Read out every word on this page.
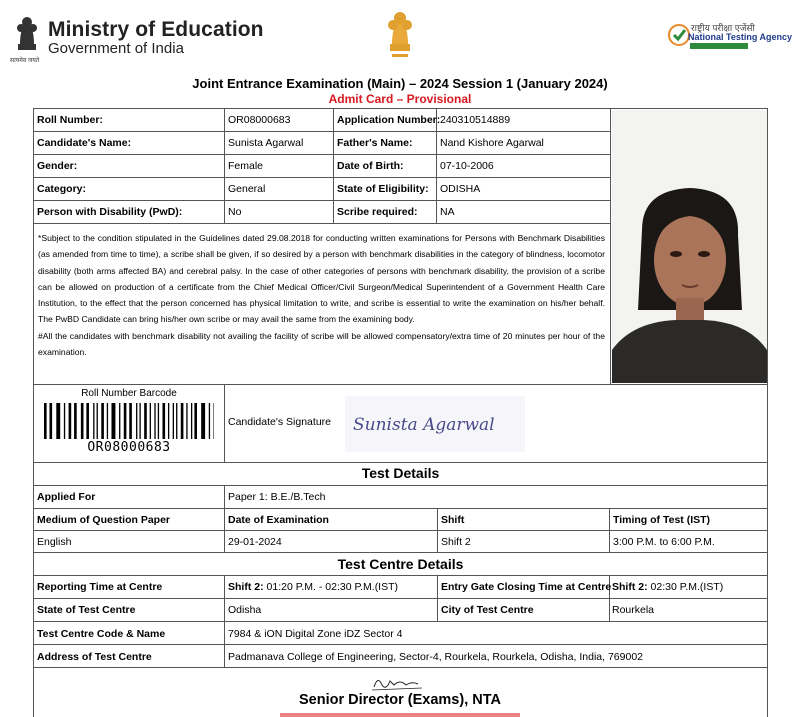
Ministry of Education
Government of India
सत्यमेव जयते
राष्ट्रीय परीक्षा एजेंसी
National Testing Agency
Joint Entrance Examination (Main) – 2024 Session 1 (January 2024)
Admit Card – Provisional
Roll Number:	OR08000683	Application Number: 240310514889
Candidate's Name:	Sunista Agarwal	Father's Name:	Nand Kishore Agarwal
Gender:	Female	Date of Birth:	07-10-2006
Category:	General	State of Eligibility: ODISHA
Person with Disability (PwD):	No	Scribe required: NA

*Subject to the condition stipulated in the Guidelines dated 29.08.2018 for conducting written examinations for Persons with Benchmark Disabilities (as amended from time to time), a scribe shall be given, if so desired by a person with benchmark disabilities in the category of blindness, locomotor disability (both arms affected BA) and cerebral palsy. In the case of other categories of persons with benchmark disability, the provision of a scribe can be allowed on production of a certificate from the Chief Medical Officer/Civil Surgeon/Medical Superintendent of a Government Health Care Institution, to the effect that the person concerned has physical limitation to write, and scribe is essential to write the examination on his/her behalf. The PwBD Candidate can bring his/her own scribe or may avail the same from the examining body.

#All the candidates with benchmark disability not availing the facility of scribe will be allowed compensatory/extra time of 20 minutes per hour of the examination.

Roll Number Barcode
OR08000683
Candidate's Signature Sunista Agarwal
Test Details
Applied For	Paper 1: B.E./B.Tech
Medium of Question Paper	Date of Examination	Shift	Timing of Test (IST)
English	29-01-2024	Shift 2	3:00 P.M. to 6:00 P.M.
Test Centre Details
Reporting Time at Centre	Shift 2: 01:20 P.M. - 02:30 P.M.(IST)	Entry Gate Closing Time at Centre Shift 2: 02:30 P.M.(IST)
State of Test Centre	Odisha	City of Test Centre	Rourkela
Test Centre Code & Name	7984 & iON Digital Zone iDZ Sector 4
Address of Test Centre	Padmanava College of Engineering, Sector-4, Rourkela, Rourkela, Odisha, India, 769002
Senior Director (Exams), NTA
